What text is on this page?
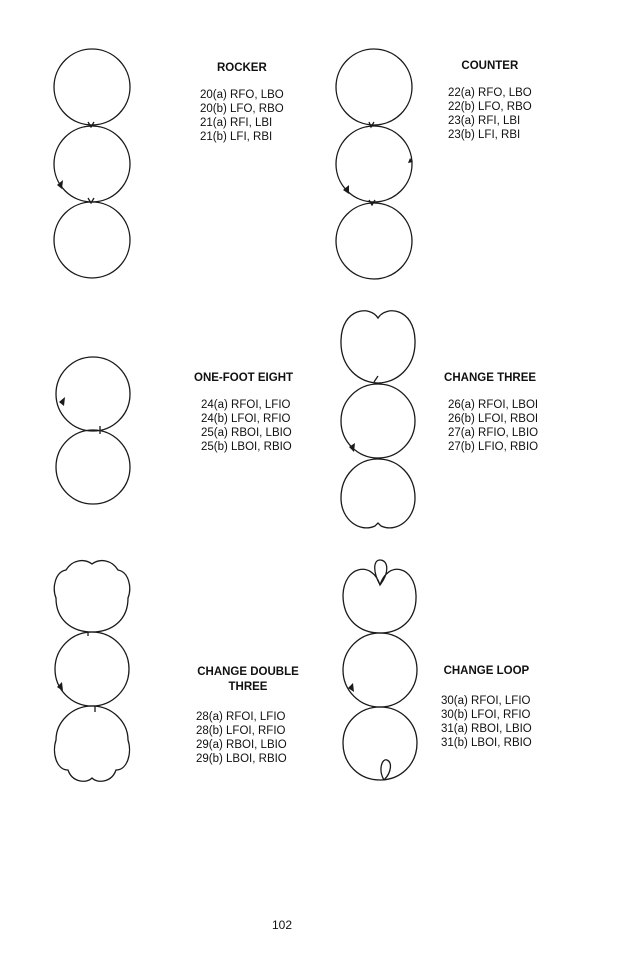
ROCKER
20(a) RFO, LBO
20(b) LFO, RBO
21(a) RFI, LBI
21(b) LFI, RBI
COUNTER
22(a) RFO, LBO
22(b) LFO, RBO
23(a) RFI, LBI
23(b) LFI, RBI
ONE-FOOT EIGHT
24(a) RFOI, LFIO
24(b) LFOI, RFIO
25(a) RBOI, LBIO
25(b) LBOI, RBIO
CHANGE THREE
26(a) RFOI, LBOI
26(b) LFOI, RBOI
27(a) RFIO, LBIO
27(b) LFIO, RBIO
CHANGE DOUBLE
THREE
28(a) RFOI, LFIO
28(b) LFOI, RFIO
29(a) RBOI, LBIO
29(b) LBOI, RBIO
CHANGE LOOP
30(a) RFOI, LFIO
30(b) LFOI, RFIO
31(a) RBOI, LBIO
31(b) LBOI, RBIO
102
